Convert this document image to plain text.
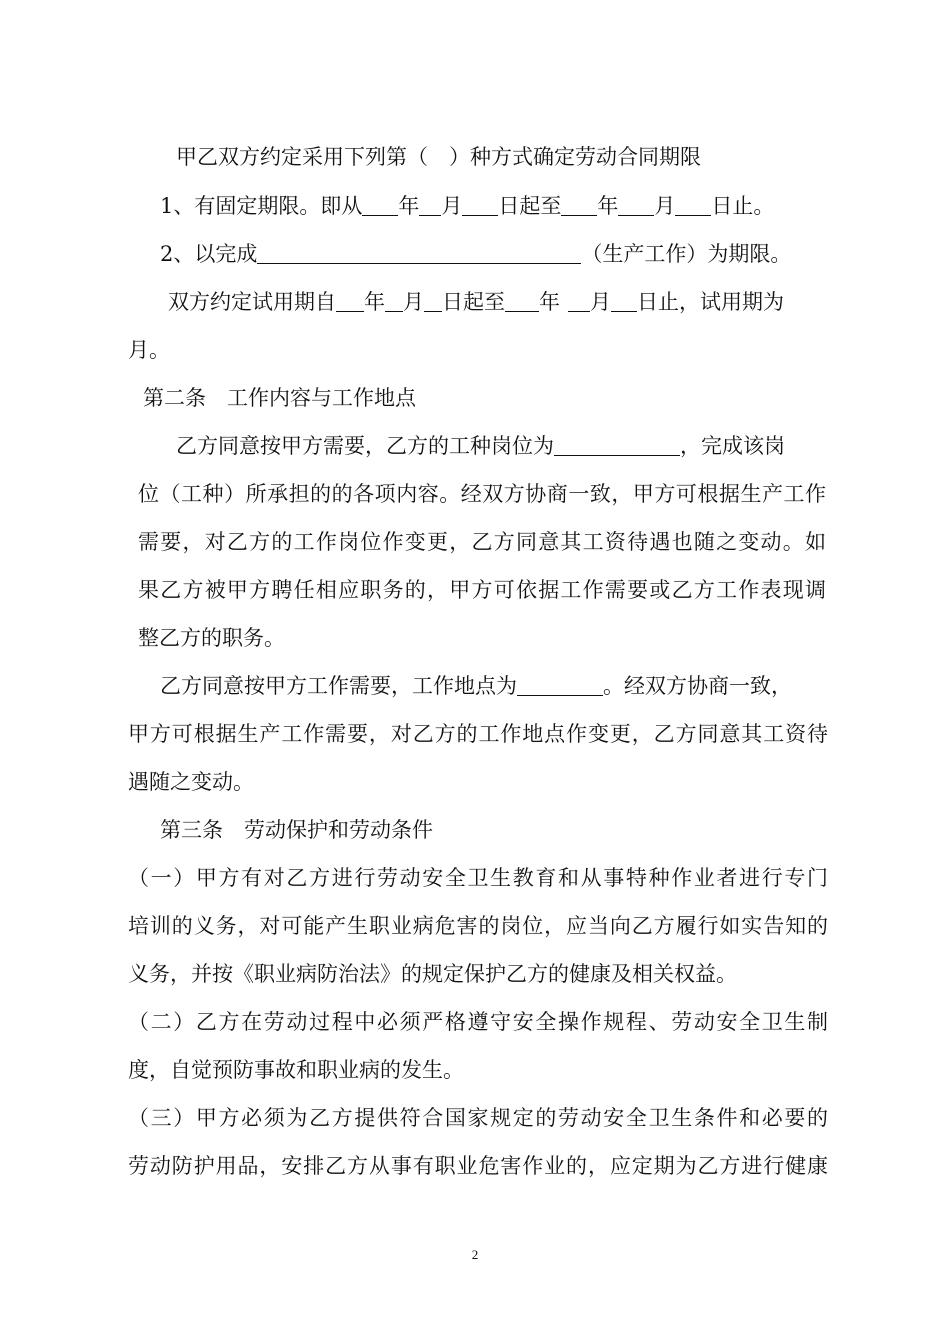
甲乙双方约定采用下列第（　）种方式确定劳动合同期限
1、有固定期限。即从 年 月 日起至 年 月 日止。
2、以完成	（生产工作）为期限。
双方约定试用期自 年 月 日起至 年 月 日止，试用期为
月。
第二条　工作内容与工作地点
乙方同意按甲方需要，乙方的工种岗位为	，完成该岗
位（工种）所承担的的各项内容。经双方协商一致，甲方可根据生产工作
需要，对乙方的工作岗位作变更，乙方同意其工资待遇也随之变动。如
果乙方被甲方聘任相应职务的，甲方可依据工作需要或乙方工作表现调
整乙方的职务。
乙方同意按甲方工作需要，工作地点为	。经双方协商一致，
甲方可根据生产工作需要，对乙方的工作地点作变更，乙方同意其工资待
遇随之变动。
第三条　劳动保护和劳动条件
（一）甲方有对乙方进行劳动安全卫生教育和从事特种作业者进行专门
培训的义务，对可能产生职业病危害的岗位，应当向乙方履行如实告知的
义务，并按《职业病防治法》的规定保护乙方的健康及相关权益。
（二）乙方在劳动过程中必须严格遵守安全操作规程、劳动安全卫生制
度，自觉预防事故和职业病的发生。
（三）甲方必须为乙方提供符合国家规定的劳动安全卫生条件和必要的
劳动防护用品，安排乙方从事有职业危害作业的，应定期为乙方进行健康
2
